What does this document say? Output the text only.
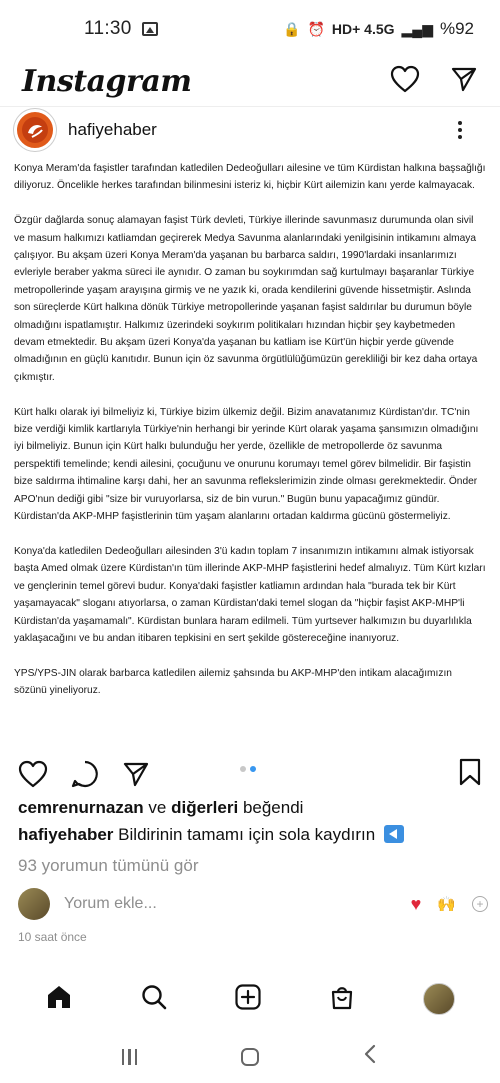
11:30	🔒 ⏰ HD+ 4.5G ▂▄▆ %92
Instagram
hafiyehaber

Konya Meram'da faşistler tarafından katledilen Dedeoğulları ailesine ve tüm Kürdistan halkına başsağlığı diliyoruz. Öncelikle herkes tarafından bilinmesini isteriz ki, hiçbir Kürt ailemizin kanı yerde kalmayacak.

Özgür dağlarda sonuç alamayan faşist Türk devleti, Türkiye illerinde savunmasız durumunda olan sivil ve masum halkımızı katliamdan geçirerek Medya Savunma alanlarındaki yenilgisinin intikamını almaya çalışıyor. Bu akşam üzeri Konya Meram'da yaşanan bu barbarca saldırı, 1990'lardaki insanlarımızı evleriyle beraber yakma süreci ile aynıdır. O zaman bu soykırımdan sağ kurtulmayı başaranlar Türkiye metropollerinde yaşam arayışına girmiş ve ne yazık ki, orada kendilerini güvende hissetmiştir. Aslında son süreçlerde Kürt halkına dönük Türkiye metropollerinde yaşanan faşist saldırılar bu durumun böyle olmadığını ispatlamıştır. Halkımız üzerindeki soykırım politikaları hızından hiçbir şey kaybetmeden devam etmektedir. Bu akşam üzeri Konya'da yaşanan bu katliam ise Kürt'ün hiçbir yerde güvende olmadığının en güçlü kanıtıdır. Bunun için öz savunma örgütlülüğümüzün gerekliliği bir kez daha ortaya çıkmıştır.

Kürt halkı olarak iyi bilmeliyiz ki, Türkiye bizim ülkemiz değil. Bizim anavatanımız Kürdistan'dır. TC'nin bize verdiği kimlik kartlarıyla Türkiye'nin herhangi bir yerinde Kürt olarak yaşama şansımızın olmadığını iyi bilmeliyiz. Bunun için Kürt halkı bulunduğu her yerde, özellikle de metropollerde öz savunma perspektifi temelinde; kendi ailesini, çocuğunu ve onurunu korumayı temel görev bilmelidir. Bir faşistin bize saldırma ihtimaline karşı dahi, her an savunma reflekslerimizin zinde olması gerekmektedir. Önder APO'nun dediği gibi "size bir vuruyorlarsa, siz de bin vurun." Bugün bunu yapacağımız gündür. Kürdistan'da AKP-MHP faşistlerinin tüm yaşam alanlarını ortadan kaldırma gücünü göstermeliyiz.

Konya'da katledilen Dedeoğulları ailesinden 3'ü kadın toplam 7 insanımızın intikamını almak istiyorsak başta Amed olmak üzere Kürdistan'ın tüm illerinde AKP-MHP faşistlerini hedef almalıyız. Tüm Kürt kızları ve gençlerinin temel görevi budur. Konya'daki faşistler katliamın ardından hala "burada tek bir Kürt yaşamayacak" sloganı atıyorlarsa, o zaman Kürdistan'daki temel slogan da "hiçbir faşist AKP-MHP'li Kürdistan'da yaşamamalı". Kürdistan bunlara haram edilmeli. Tüm yurtsever halkımızın bu duyarlılıkla yaklaşacağını ve bu andan itibaren tepkisini en sert şekilde göstereceğine inanıyoruz.

YPS/YPS-JIN olarak barbarca katledilen ailemiz şahsında bu AKP-MHP'den intikam alacağımızın sözünü yineliyoruz.

cemrenurnazan ve diğerleri beğendi
hafiyehaber Bildirinin tamamı için sola kaydırın
93 yorumun tümünü gör
Yorum ekle...	♥ 🙌	+
10 saat önce
